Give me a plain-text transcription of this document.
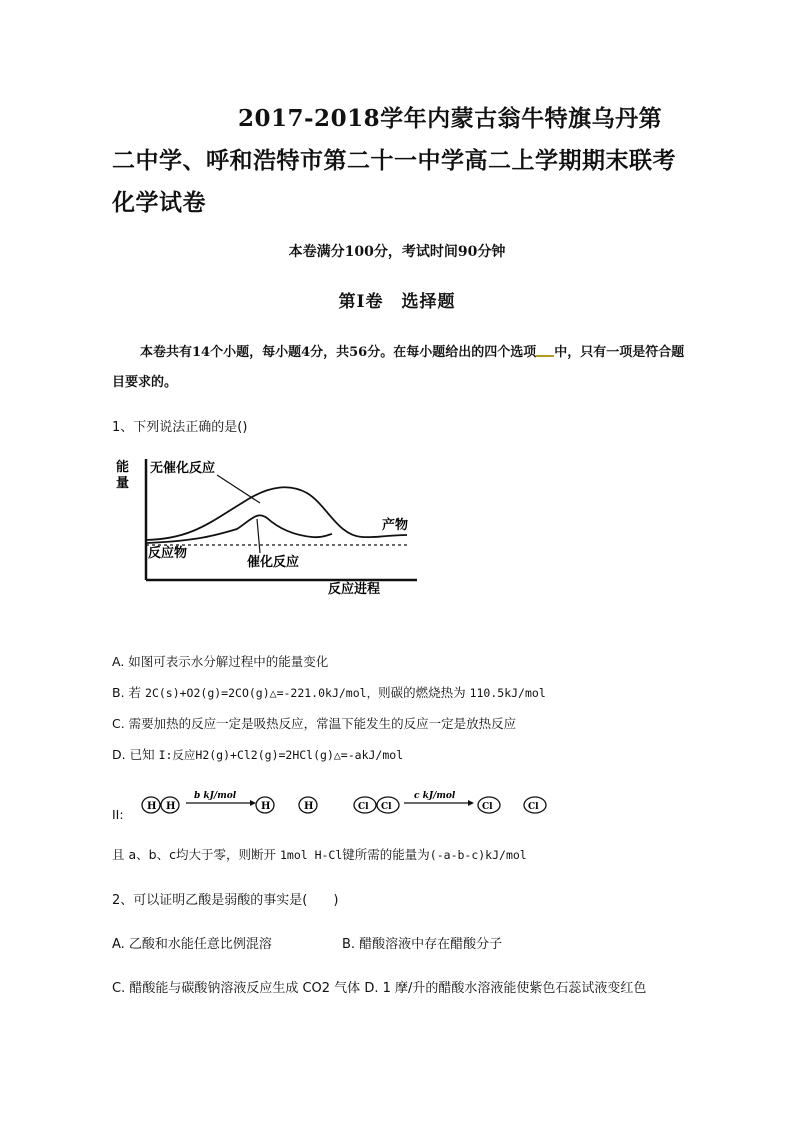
2017-2018学年内蒙古翁牛特旗乌丹第二中学、呼和浩特市第二十一中学高二上学期期末联考化学试卷
本卷满分100分，考试时间90分钟
第Ⅰ卷 选择题
本卷共有14个小题，每小题4分，共56分。在每小题给出的四个选项 中，只有一项是符合题目要求的。
1、下列说法正确的是()
能
量
无催化反应
反应物
催化反应
产物
反应进程
A. 如图可表示水分解过程中的能量变化
B. 若 2C(s)+O2(g)=2CO(g)△=-221.0kJ/mol，则碳的燃烧热为 110.5kJ/mol
C. 需要加热的反应一定是吸热反应，常温下能发生的反应一定是放热反应
D. 已知 I:反应H2(g)+Cl2(g)=2HCl(g)△=-akJ/mol
II:
H H
b kJ/mol
H	H	Cl Cl
c kJ/mol
Cl	Cl
且 a、b、c均大于零，则断开 1mol H-Cl键所需的能量为(-a-b-c)kJ/mol
2、可以证明乙酸是弱酸的事实是(　　)
A. 乙酸和水能任意比例混溶	B. 醋酸溶液中存在醋酸分子
C. 醋酸能与碳酸钠溶液反应生成 CO2 气体 D. 1 摩/升的醋酸水溶液能使紫色石蕊试液变红色
